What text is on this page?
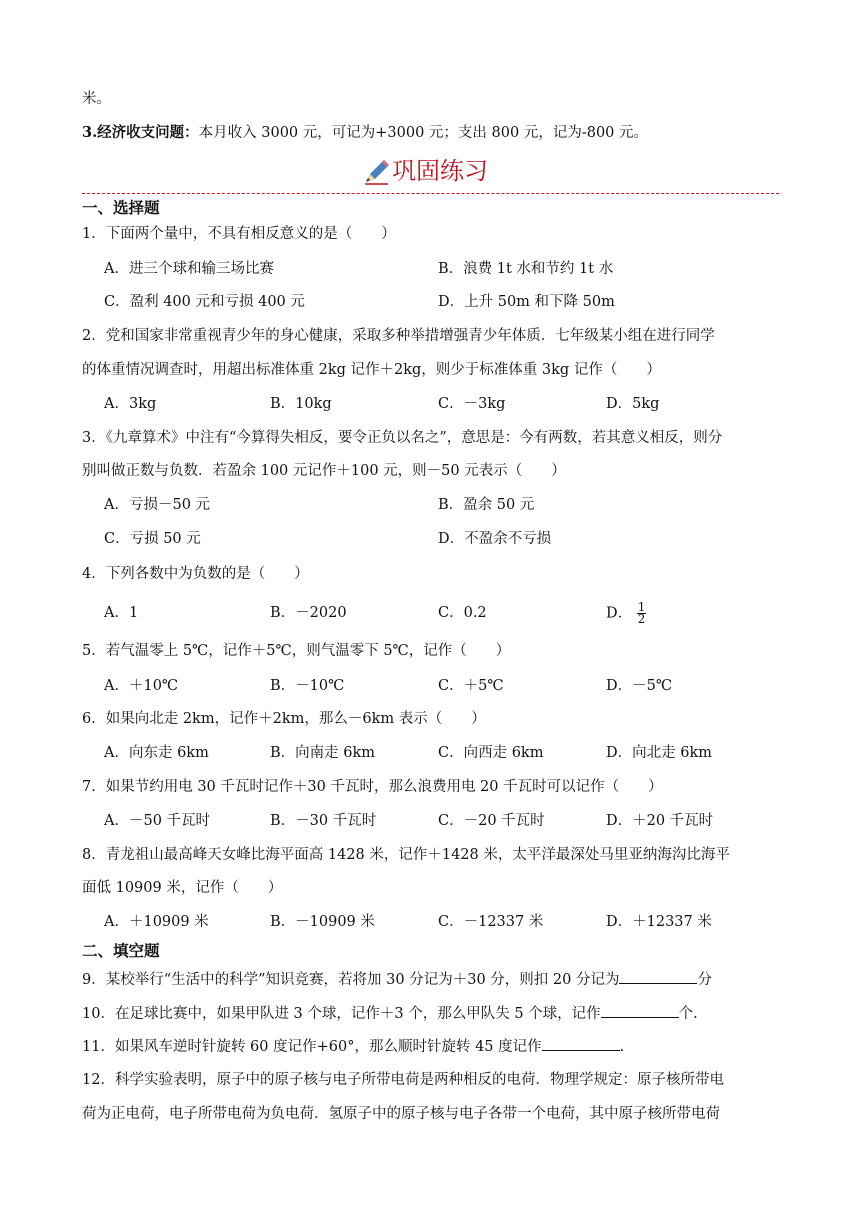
米。
3.经济收支问题：本月收入 3000 元，可记为+3000 元；支出 800 元，记为-800 元。
巩固练习
一、选择题
1．下面两个量中，不具有相反意义的是（　　）
A．进三个球和输三场比赛	B．浪费 1t 水和节约 1t 水
C．盈利 400 元和亏损 400 元	D．上升 50m 和下降 50m
2．党和国家非常重视青少年的身心健康，采取多种举措增强青少年体质．七年级某小组在进行同学
的体重情况调查时，用超出标准体重 2kg 记作＋2kg，则少于标准体重 3kg 记作（　　）
A．3kg	B．10kg	C．－3kg	D．5kg
3．《九章算术》中注有“今算得失相反，要令正负以名之”，意思是：今有两数，若其意义相反，则分
别叫做正数与负数．若盈余 100 元记作＋100 元，则－50 元表示（　　）
A．亏损－50 元	B．盈余 50 元
C．亏损 50 元	D．不盈余不亏损
4．下列各数中为负数的是（　　）
A．1	B．－2020	C．0.2	D． $\frac{1}{2}$
5．若气温零上 5℃，记作＋5℃，则气温零下 5℃，记作（　　）
A．＋10℃	B．－10℃	C．＋5℃	D．－5℃
6．如果向北走 2km，记作＋2km，那么－6km 表示（　　）
A．向东走 6km	B．向南走 6km	C．向西走 6km	D．向北走 6km
7．如果节约用电 30 千瓦时记作＋30 千瓦时，那么浪费用电 20 千瓦时可以记作（　　）
A．－50 千瓦时	B．－30 千瓦时	C．－20 千瓦时	D．＋20 千瓦时
8．青龙祖山最高峰天女峰比海平面高 1428 米，记作＋1428 米，太平洋最深处马里亚纳海沟比海平
面低 10909 米，记作（　　）
A．＋10909 米	B．－10909 米	C．－12337 米	D．＋12337 米
二、填空题
9．某校举行“生活中的科学”知识竞赛，若将加 30 分记为＋30 分，则扣 20 分记为	分
10．在足球比赛中，如果甲队进 3 个球，记作＋3 个，那么甲队失 5 个球，记作	个.
11．如果风车逆时针旋转 60 度记作+60°，那么顺时针旋转 45 度记作	.
12．科学实验表明，原子中的原子核与电子所带电荷是两种相反的电荷．物理学规定：原子核所带电
荷为正电荷，电子所带电荷为负电荷．氢原子中的原子核与电子各带一个电荷，其中原子核所带电荷
